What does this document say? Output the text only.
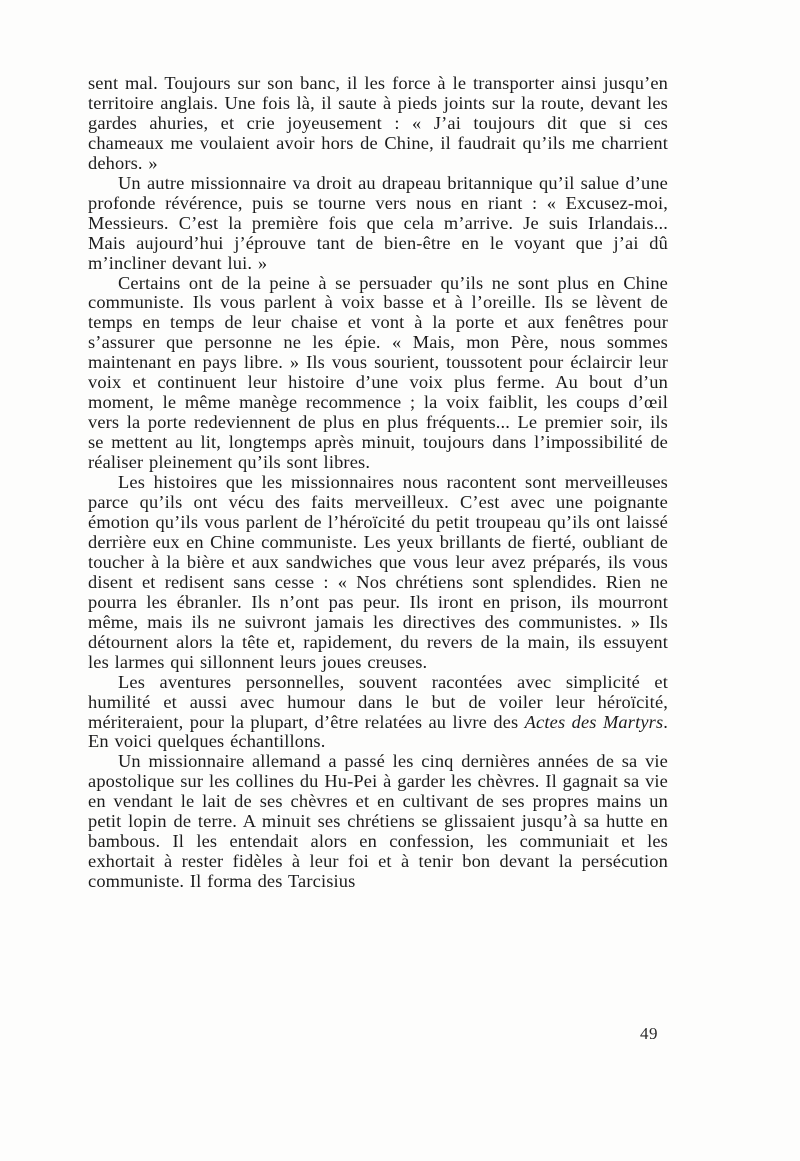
sent mal. Toujours sur son banc, il les force à le transporter ainsi jusqu’en territoire anglais. Une fois là, il saute à pieds joints sur la route, devant les gardes ahuries, et crie joyeusement : « J’ai toujours dit que si ces chameaux me voulaient avoir hors de Chine, il faudrait qu’ils me charrient dehors. »

Un autre missionnaire va droit au drapeau britannique qu’il salue d’une profonde révérence, puis se tourne vers nous en riant : « Excusez-moi, Messieurs. C’est la première fois que cela m’arrive. Je suis Irlandais... Mais aujourd’hui j’éprouve tant de bien-être en le voyant que j’ai dû m’incliner devant lui. »

Certains ont de la peine à se persuader qu’ils ne sont plus en Chine communiste. Ils vous parlent à voix basse et à l’oreille. Ils se lèvent de temps en temps de leur chaise et vont à la porte et aux fenêtres pour s’assurer que personne ne les épie. « Mais, mon Père, nous sommes maintenant en pays libre. » Ils vous sourient, toussotent pour éclaircir leur voix et continuent leur histoire d’une voix plus ferme. Au bout d’un moment, le même manège recommence ; la voix faiblit, les coups d’œil vers la porte redeviennent de plus en plus fréquents... Le premier soir, ils se mettent au lit, longtemps après minuit, toujours dans l’impossibilité de réaliser pleinement qu’ils sont libres.

Les histoires que les missionnaires nous racontent sont merveilleuses parce qu’ils ont vécu des faits merveilleux. C’est avec une poignante émotion qu’ils vous parlent de l’héroïcité du petit troupeau qu’ils ont laissé derrière eux en Chine communiste. Les yeux brillants de fierté, oubliant de toucher à la bière et aux sandwiches que vous leur avez préparés, ils vous disent et redisent sans cesse : « Nos chrétiens sont splendides. Rien ne pourra les ébranler. Ils n’ont pas peur. Ils iront en prison, ils mourront même, mais ils ne suivront jamais les directives des communistes. » Ils détournent alors la tête et, rapidement, du revers de la main, ils essuyent les larmes qui sillonnent leurs joues creuses.

Les aventures personnelles, souvent racontées avec simplicité et humilité et aussi avec humour dans le but de voiler leur héroïcité, mériteraient, pour la plupart, d’être relatées au livre des Actes des Martyrs. En voici quelques échantillons.

Un missionnaire allemand a passé les cinq dernières années de sa vie apostolique sur les collines du Hu-Pei à garder les chèvres. Il gagnait sa vie en vendant le lait de ses chèvres et en cultivant de ses propres mains un petit lopin de terre. A minuit ses chrétiens se glissaient jusqu’à sa hutte en bambous. Il les entendait alors en confession, les communiait et les exhortait à rester fidèles à leur foi et à tenir bon devant la persécution communiste. Il forma des Tarcisius

49
